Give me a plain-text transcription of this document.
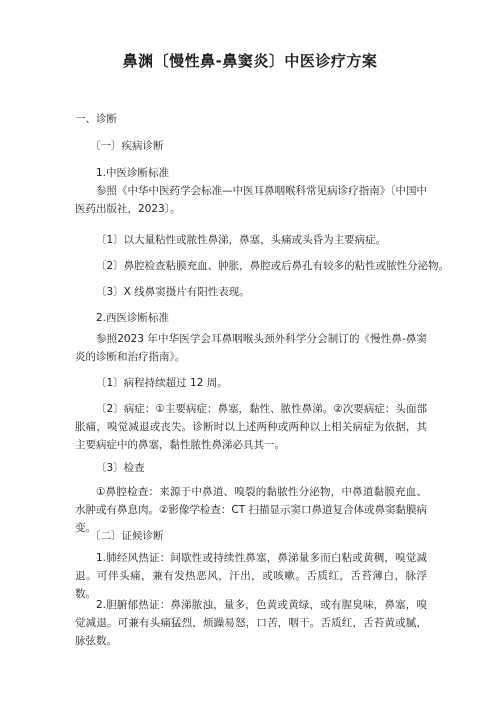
鼻渊〔慢性鼻-鼻窦炎〕中医诊疗方案
一、诊断
〔一〕疾病诊断
1.中医诊断标准
参照《中华中医药学会标准—中医耳鼻咽喉科常见病诊疗指南》〔中国中医药出版社，2023〕。
〔1〕以大量粘性或脓性鼻涕，鼻塞，头痛或头昏为主要病症。
〔2〕鼻腔检查粘膜充血、肿胀，鼻腔或后鼻孔有较多的粘性或脓性分泌物。
〔3〕X 线鼻窦摄片有阳性表现。
2.西医诊断标准
参照2023 年中华医学会耳鼻咽喉头颈外科学分会制订的《慢性鼻-鼻窦炎的诊断和治疗指南》。
〔1〕病程持续超过 12 周。
〔2〕病症：①主要病症：鼻塞，黏性、脓性鼻涕。②次要病症：头面部胀痛，嗅觉减退或丧失。诊断时以上述两种或两种以上相关病症为依据，其主要病症中的鼻塞，黏性脓性鼻涕必具其一。
〔3〕检查
①鼻腔检查：来源于中鼻道、嗅裂的黏脓性分泌物，中鼻道黏膜充血、水肿或有鼻息肉。②影像学检查：CT 扫描显示窦口鼻道复合体或鼻窦黏膜病变。
〔二〕证候诊断
1.肺经风热证：间歇性或持续性鼻塞，鼻涕量多而白粘或黄稠，嗅觉减退。可伴头痛，兼有发热恶风，汗出，或咳嗽。舌质红，舌苔薄白，脉浮数。
2.胆腑郁热证：鼻涕脓浊，量多，色黄或黄绿，或有腥臭味，鼻塞，嗅觉减退。可兼有头痛猛烈，烦躁易怒，口苦，咽干。舌质红，舌苔黄或腻，脉弦数。
